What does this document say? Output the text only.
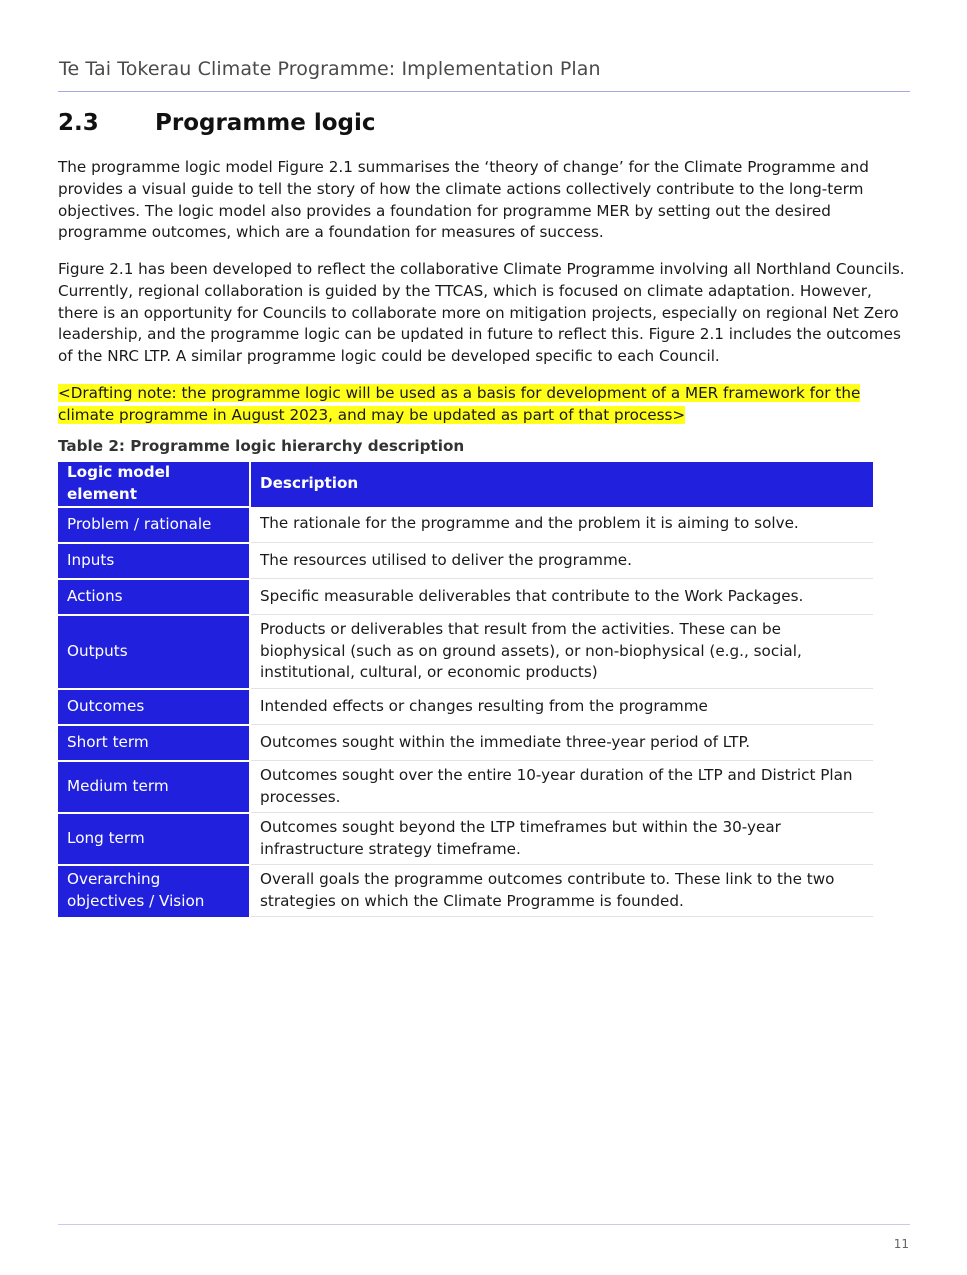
Te Tai Tokerau Climate Programme: Implementation Plan
2.3 Programme logic

The programme logic model Figure 2.1 summarises the ‘theory of change’ for the Climate Programme and provides a visual guide to tell the story of how the climate actions collectively contribute to the long-term objectives. The logic model also provides a foundation for programme MER by setting out the desired programme outcomes, which are a foundation for measures of success.

Figure 2.1 has been developed to reflect the collaborative Climate Programme involving all Northland Councils. Currently, regional collaboration is guided by the TTCAS, which is focused on climate adaptation. However, there is an opportunity for Councils to collaborate more on mitigation projects, especially on regional Net Zero leadership, and the programme logic can be updated in future to reflect this. Figure 2.1 includes the outcomes of the NRC LTP. A similar programme logic could be developed specific to each Council.

<Drafting note: the programme logic will be used as a basis for development of a MER framework for the climate programme in August 2023, and may be updated as part of that process>

Table 2: Programme logic hierarchy description
Logic model element	Description
Problem / rationale	The rationale for the programme and the problem it is aiming to solve.
Inputs	The resources utilised to deliver the programme.
Actions	Specific measurable deliverables that contribute to the Work Packages.
Outputs	Products or deliverables that result from the activities. These can be biophysical (such as on ground assets), or non-biophysical (e.g., social, institutional, cultural, or economic products)
Outcomes	Intended effects or changes resulting from the programme
Short term	Outcomes sought within the immediate three-year period of LTP.
Medium term	Outcomes sought over the entire 10-year duration of the LTP and District Plan processes.
Long term	Outcomes sought beyond the LTP timeframes but within the 30-year infrastructure strategy timeframe.
Overarching objectives / Vision	Overall goals the programme outcomes contribute to. These link to the two strategies on which the Climate Programme is founded.
11
